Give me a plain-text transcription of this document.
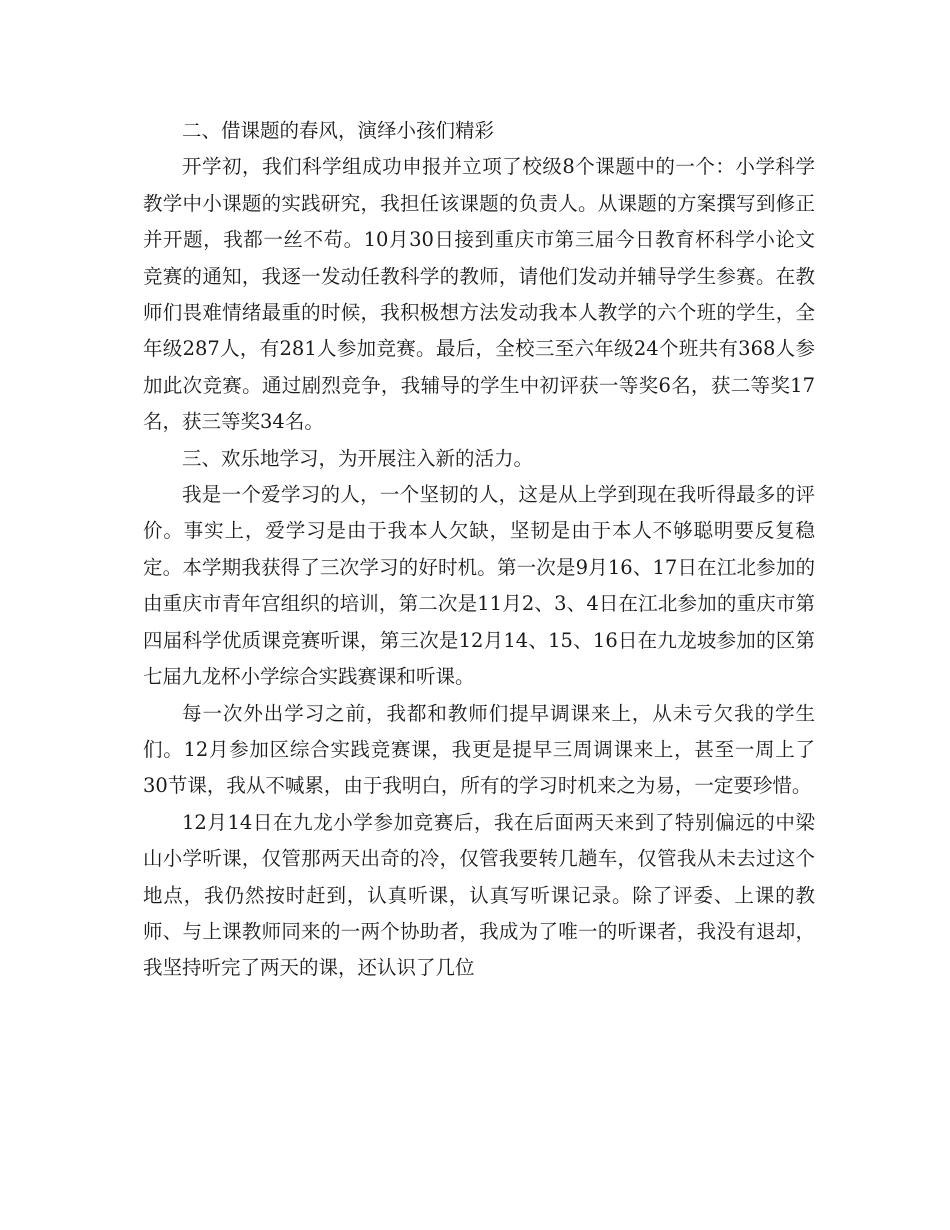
二、借课题的春风，演绎小孩们精彩

开学初，我们科学组成功申报并立项了校级8个课题中的一个：小学科学教学中小课题的实践研究，我担任该课题的负责人。从课题的方案撰写到修正并开题，我都一丝不苟。10月30日接到重庆市第三届今日教育杯科学小论文竞赛的通知，我逐一发动任教科学的教师，请他们发动并辅导学生参赛。在教师们畏难情绪最重的时候，我积极想方法发动我本人教学的六个班的学生，全年级287人，有281人参加竞赛。最后，全校三至六年级24个班共有368人参加此次竞赛。通过剧烈竞争，我辅导的学生中初评获一等奖6名，获二等奖17名，获三等奖34名。

三、欢乐地学习，为开展注入新的活力。

我是一个爱学习的人，一个坚韧的人，这是从上学到现在我听得最多的评价。事实上，爱学习是由于我本人欠缺，坚韧是由于本人不够聪明要反复稳定。本学期我获得了三次学习的好时机。第一次是9月16、17日在江北参加的由重庆市青年宫组织的培训，第二次是11月2、3、4日在江北参加的重庆市第四届科学优质课竞赛听课，第三次是12月14、15、16日在九龙坡参加的区第七届九龙杯小学综合实践赛课和听课。

每一次外出学习之前，我都和教师们提早调课来上，从未亏欠我的学生们。12月参加区综合实践竞赛课，我更是提早三周调课来上，甚至一周上了30节课，我从不喊累，由于我明白，所有的学习时机来之为易，一定要珍惜。

12月14日在九龙小学参加竞赛后，我在后面两天来到了特别偏远的中梁山小学听课，仅管那两天出奇的冷，仅管我要转几趟车，仅管我从未去过这个地点，我仍然按时赶到，认真听课，认真写听课记录。除了评委、上课的教师、与上课教师同来的一两个协助者，我成为了唯一的听课者，我没有退却，我坚持听完了两天的课，还认识了几位
